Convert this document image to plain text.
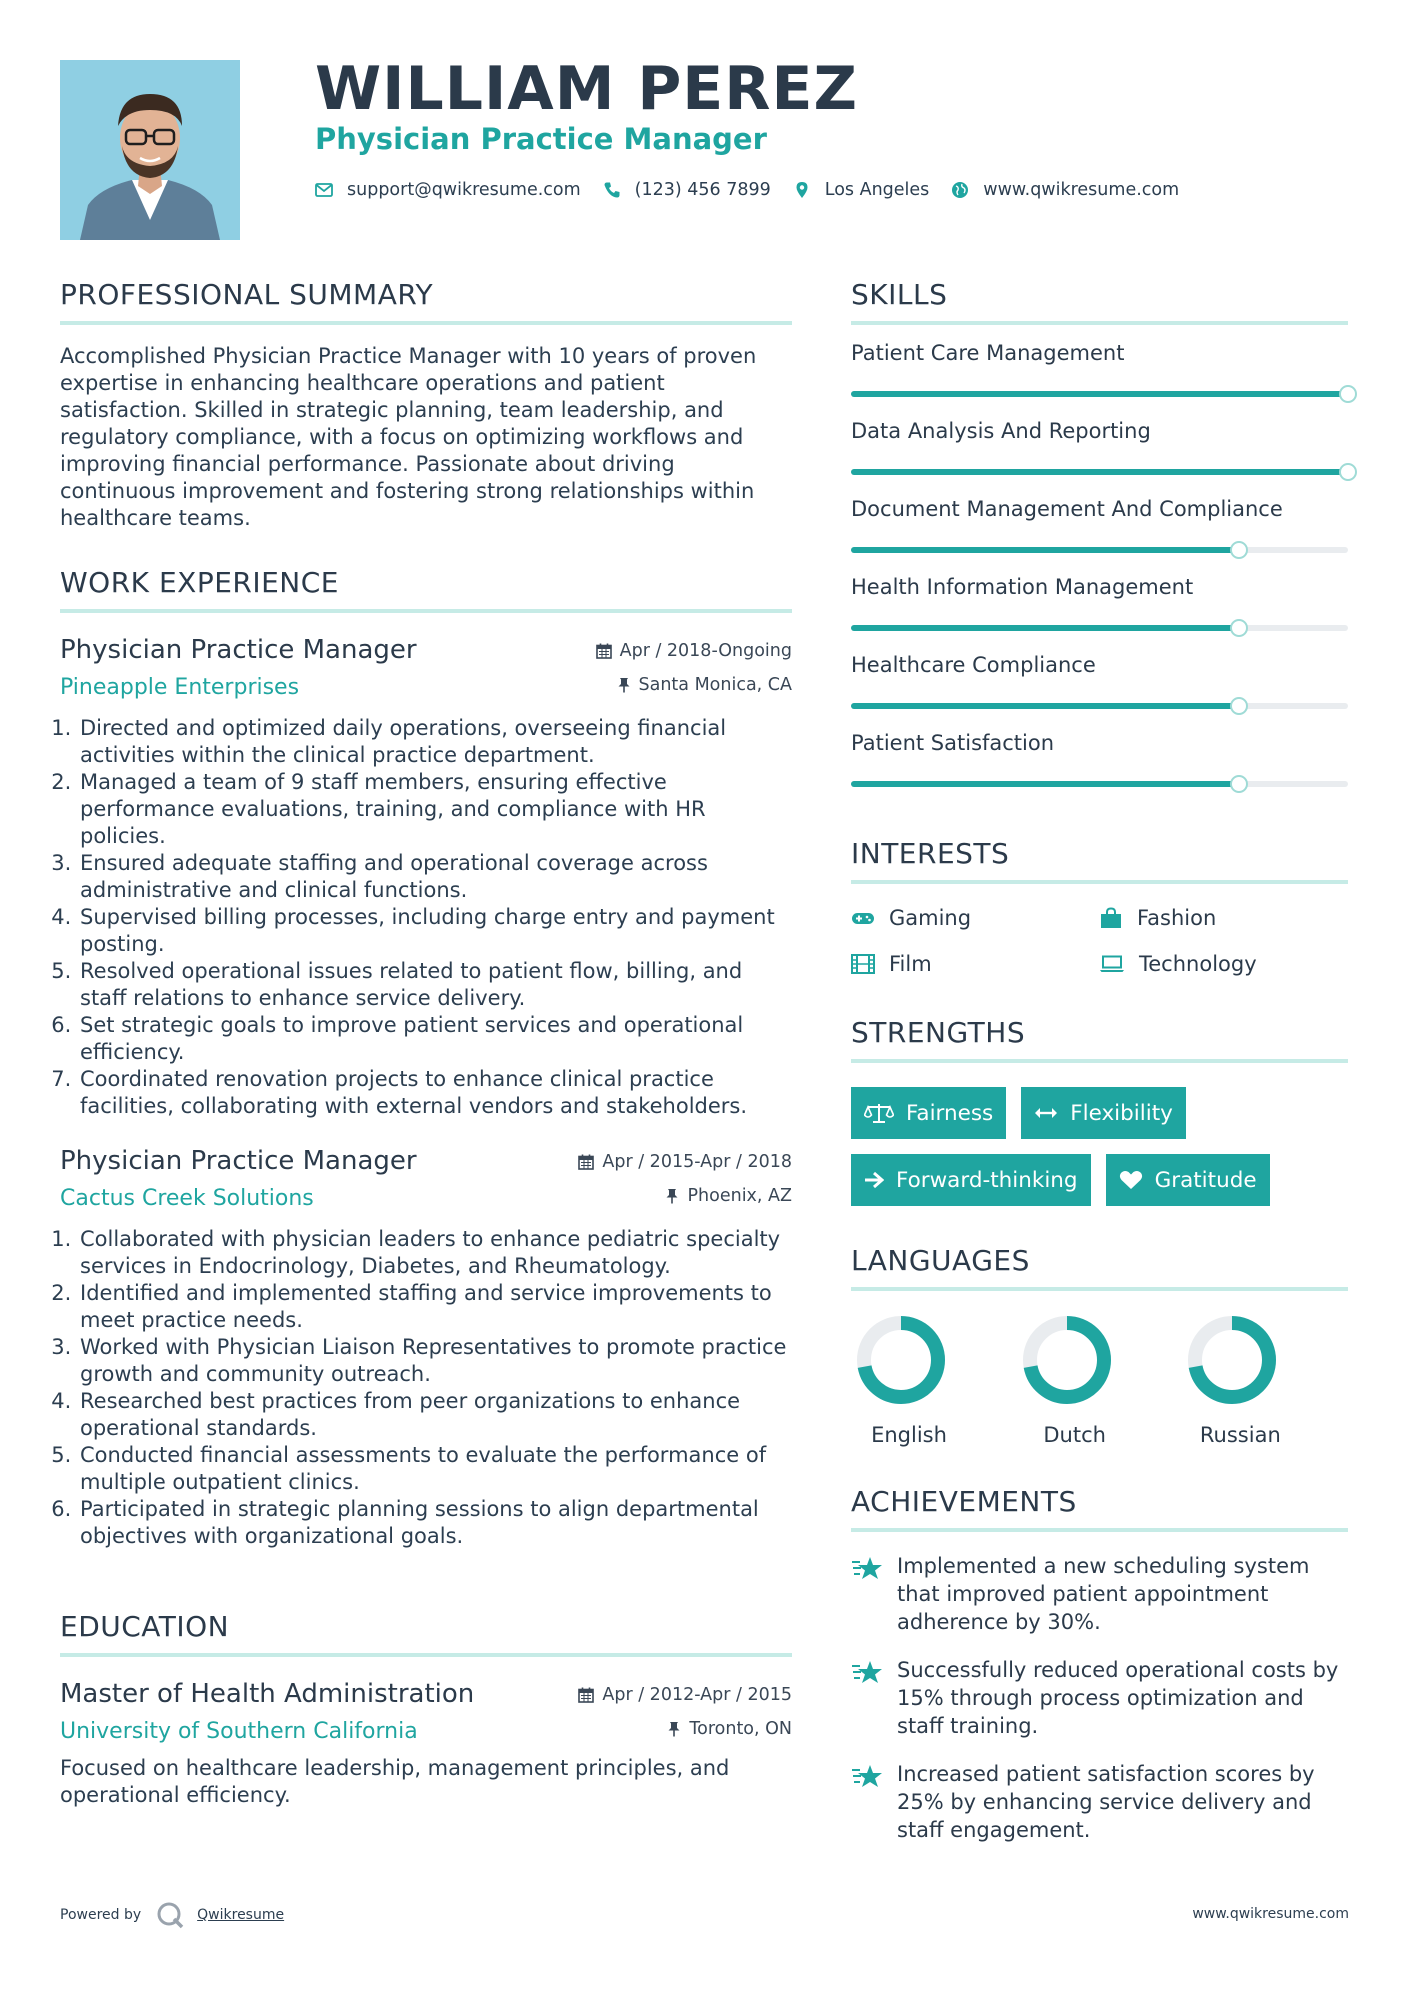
WILLIAM PEREZ
Physician Practice Manager
support@qwikresume.com	(123) 456 7899	Los Angeles	www.qwikresume.com
PROFESSIONAL SUMMARY

Accomplished Physician Practice Manager with 10 years of proven expertise in enhancing healthcare operations and patient satisfaction. Skilled in strategic planning, team leadership, and regulatory compliance, with a focus on optimizing workflows and improving financial performance. Passionate about driving continuous improvement and fostering strong relationships within healthcare teams.

WORK EXPERIENCE
Physician Practice Manager
Pineapple Enterprises
Apr / 2018-Ongoing
Santa Monica, CA
1. Directed and optimized daily operations, overseeing financial activities within the clinical practice department.
2. Managed a team of 9 staff members, ensuring effective performance evaluations, training, and compliance with HR policies.
3. Ensured adequate staffing and operational coverage across administrative and clinical functions.
4. Supervised billing processes, including charge entry and payment posting.
5. Resolved operational issues related to patient flow, billing, and staff relations to enhance service delivery.
6. Set strategic goals to improve patient services and operational efficiency.
7. Coordinated renovation projects to enhance clinical practice facilities, collaborating with external vendors and stakeholders.
Physician Practice Manager
Cactus Creek Solutions
Apr / 2015-Apr / 2018
Phoenix, AZ
1. Collaborated with physician leaders to enhance pediatric specialty services in Endocrinology, Diabetes, and Rheumatology.
2. Identified and implemented staffing and service improvements to meet practice needs.
3. Worked with Physician Liaison Representatives to promote practice growth and community outreach.
4. Researched best practices from peer organizations to enhance operational standards.
5. Conducted financial assessments to evaluate the performance of multiple outpatient clinics.
6. Participated in strategic planning sessions to align departmental objectives with organizational goals.
EDUCATION
Master of Health Administration
University of Southern California
Apr / 2012-Apr / 2015
Toronto, ON

Focused on healthcare leadership, management principles, and operational efficiency.

SKILLS
Patient Care Management
Data Analysis And Reporting
Document Management And Compliance
Health Information Management
Healthcare Compliance
Patient Satisfaction
INTERESTS
Gaming	Fashion
Film	Technology
STRENGTHS
Fairness	Flexibility
Forward-thinking	Gratitude
LANGUAGES
English	Dutch	Russian
ACHIEVEMENTS
Implemented a new scheduling system that improved patient appointment adherence by 30%.
Successfully reduced operational costs by 15% through process optimization and staff training.
Increased patient satisfaction scores by 25% by enhancing service delivery and staff engagement.
Powered by	Qwikresume	www.qwikresume.com
